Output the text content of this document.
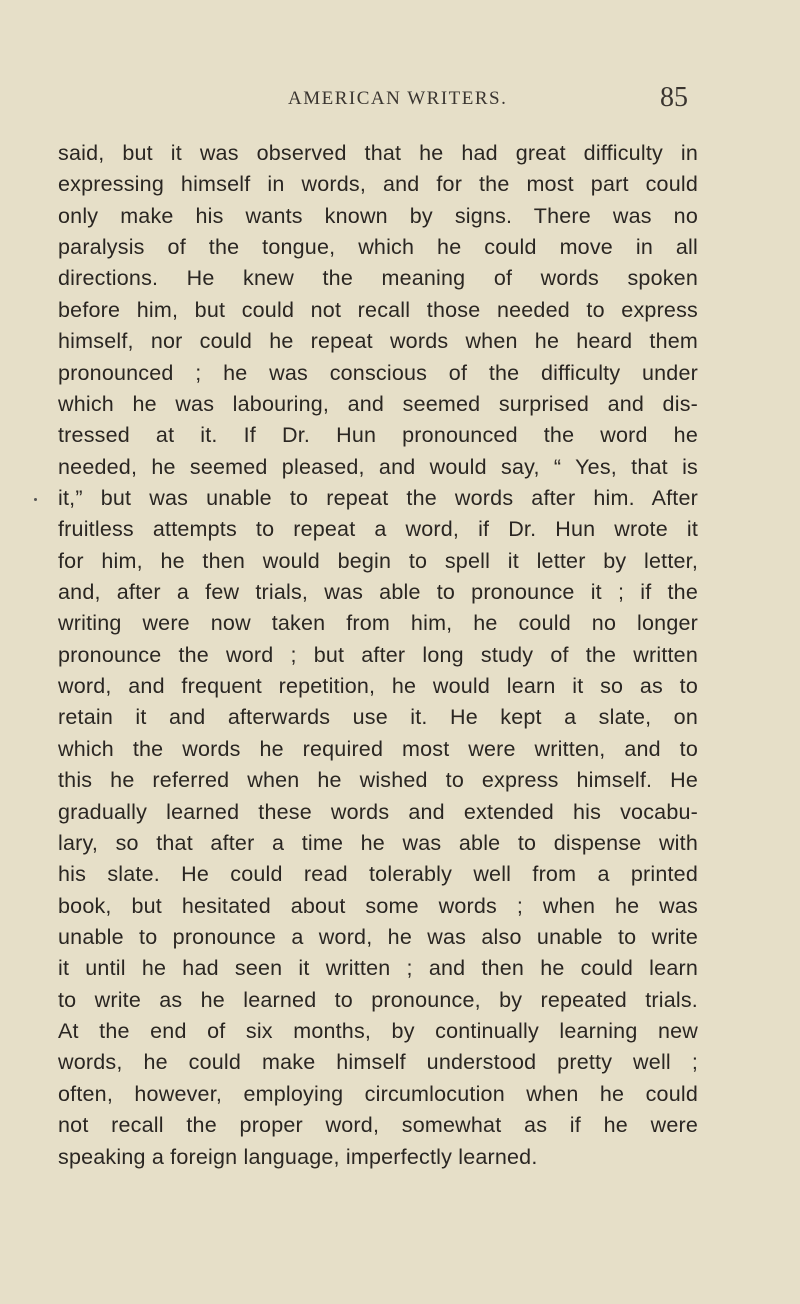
AMERICAN WRITERS.	85
said, but it was observed that he had great difficulty in
expressing himself in words, and for the most part could
only make his wants known by signs. There was no
paralysis of the tongue, which he could move in all
directions. He knew the meaning of words spoken
before him, but could not recall those needed to express
himself, nor could he repeat words when he heard them
pronounced ; he was conscious of the difficulty under
which he was labouring, and seemed surprised and dis-
tressed at it. If Dr. Hun pronounced the word he
needed, he seemed pleased, and would say, “ Yes, that is
it,” but was unable to repeat the words after him. After
fruitless attempts to repeat a word, if Dr. Hun wrote it
for him, he then would begin to spell it letter by letter,
and, after a few trials, was able to pronounce it ; if the
writing were now taken from him, he could no longer
pronounce the word ; but after long study of the written
word, and frequent repetition, he would learn it so as to
retain it and afterwards use it. He kept a slate, on
which the words he required most were written, and to
this he referred when he wished to express himself. He
gradually learned these words and extended his vocabu-
lary, so that after a time he was able to dispense with
his slate. He could read tolerably well from a printed
book, but hesitated about some words ; when he was
unable to pronounce a word, he was also unable to write
it until he had seen it written ; and then he could learn
to write as he learned to pronounce, by repeated trials.
At the end of six months, by continually learning new
words, he could make himself understood pretty well ;
often, however, employing circumlocution when he could
not recall the proper word, somewhat as if he were
speaking a foreign language, imperfectly learned.
